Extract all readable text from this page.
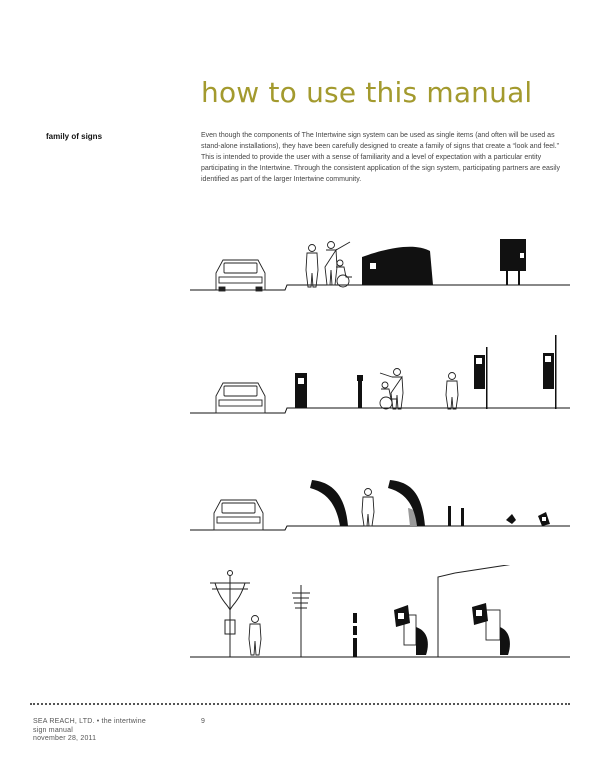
how to use this manual
family of signs	Even though the components of The Intertwine sign system can be used as single items (and often will be used as stand-alone installations), they have been carefully designed to create a family of signs that create a “look and feel.” This is intended to provide the user with a sense of familiarity and a level of expectation with a particular entity participating in the Intertwine. Through the consistent application of the sign system, participating partners are easily identified as part of the larger Intertwine community.

SEA REACH, LTD. • the intertwine
sign manual
november 28, 2011
9
